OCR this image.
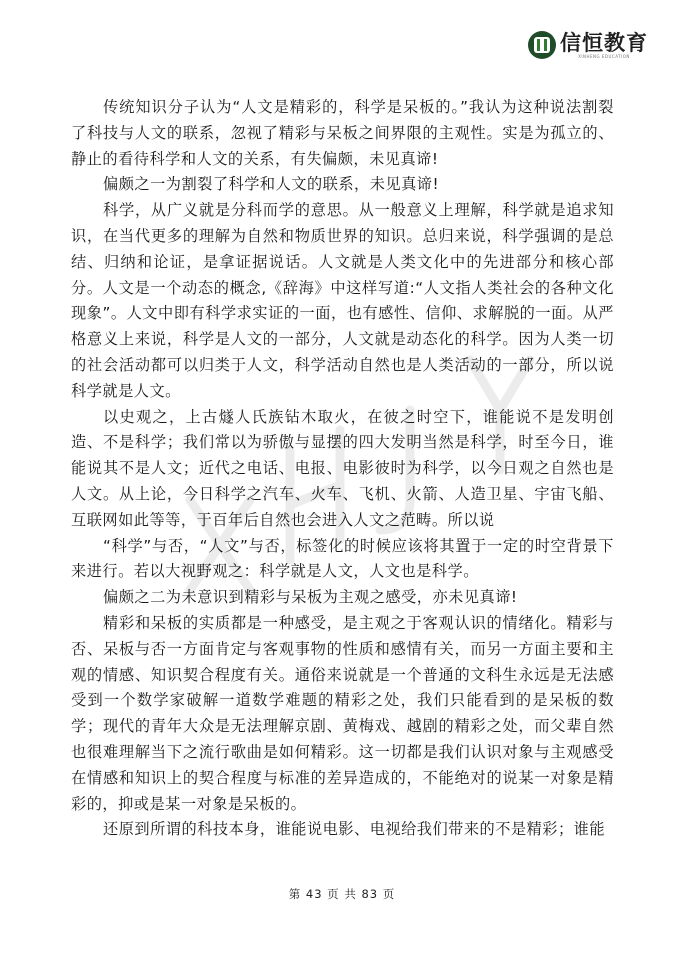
信恒教育
XINHENG EDUCATION

传统知识分子认为“人文是精彩的，科学是呆板的。”我认为这种说法割裂了科技与人文的联系，忽视了精彩与呆板之间界限的主观性。实是为孤立的、静止的看待科学和人文的关系，有失偏颇，未见真谛!

偏颇之一为割裂了科学和人文的联系，未见真谛!

科学，从广义就是分科而学的意思。从一般意义上理解，科学就是追求知识，在当代更多的理解为自然和物质世界的知识。总归来说，科学强调的是总结、归纳和论证，是拿证据说话。人文就是人类文化中的先进部分和核心部分。人文是一个动态的概念,《辞海》中这样写道:“人文指人类社会的各种文化现象”。人文中即有科学求实证的一面，也有感性、信仰、求解脱的一面。从严格意义上来说，科学是人文的一部分，人文就是动态化的科学。因为人类一切的社会活动都可以归类于人文，科学活动自然也是人类活动的一部分，所以说科学就是人文。

以史观之，上古燧人氏族钻木取火，在彼之时空下，谁能说不是发明创造、不是科学；我们常以为骄傲与显摆的四大发明当然是科学，时至今日，谁能说其不是人文；近代之电话、电报、电影彼时为科学，以今日观之自然也是人文。从上论，今日科学之汽车、火车、飞机、火箭、人造卫星、宇宙飞船、互联网如此等等，于百年后自然也会进入人文之范畴。所以说

“科学”与否，“人文”与否，标签化的时候应该将其置于一定的时空背景下来进行。若以大视野观之：科学就是人文，人文也是科学。

偏颇之二为未意识到精彩与呆板为主观之感受，亦未见真谛!

精彩和呆板的实质都是一种感受，是主观之于客观认识的情绪化。精彩与否、呆板与否一方面肯定与客观事物的性质和感情有关，而另一方面主要和主观的情感、知识契合程度有关。通俗来说就是一个普通的文科生永远是无法感受到一个数学家破解一道数学难题的精彩之处，我们只能看到的是呆板的数学；现代的青年大众是无法理解京剧、黄梅戏、越剧的精彩之处，而父辈自然也很难理解当下之流行歌曲是如何精彩。这一切都是我们认识对象与主观感受在情感和知识上的契合程度与标准的差异造成的，不能绝对的说某一对象是精彩的，抑或是某一对象是呆板的。

还原到所谓的科技本身，谁能说电影、电视给我们带来的不是精彩；谁能

第 43 页 共 83 页
